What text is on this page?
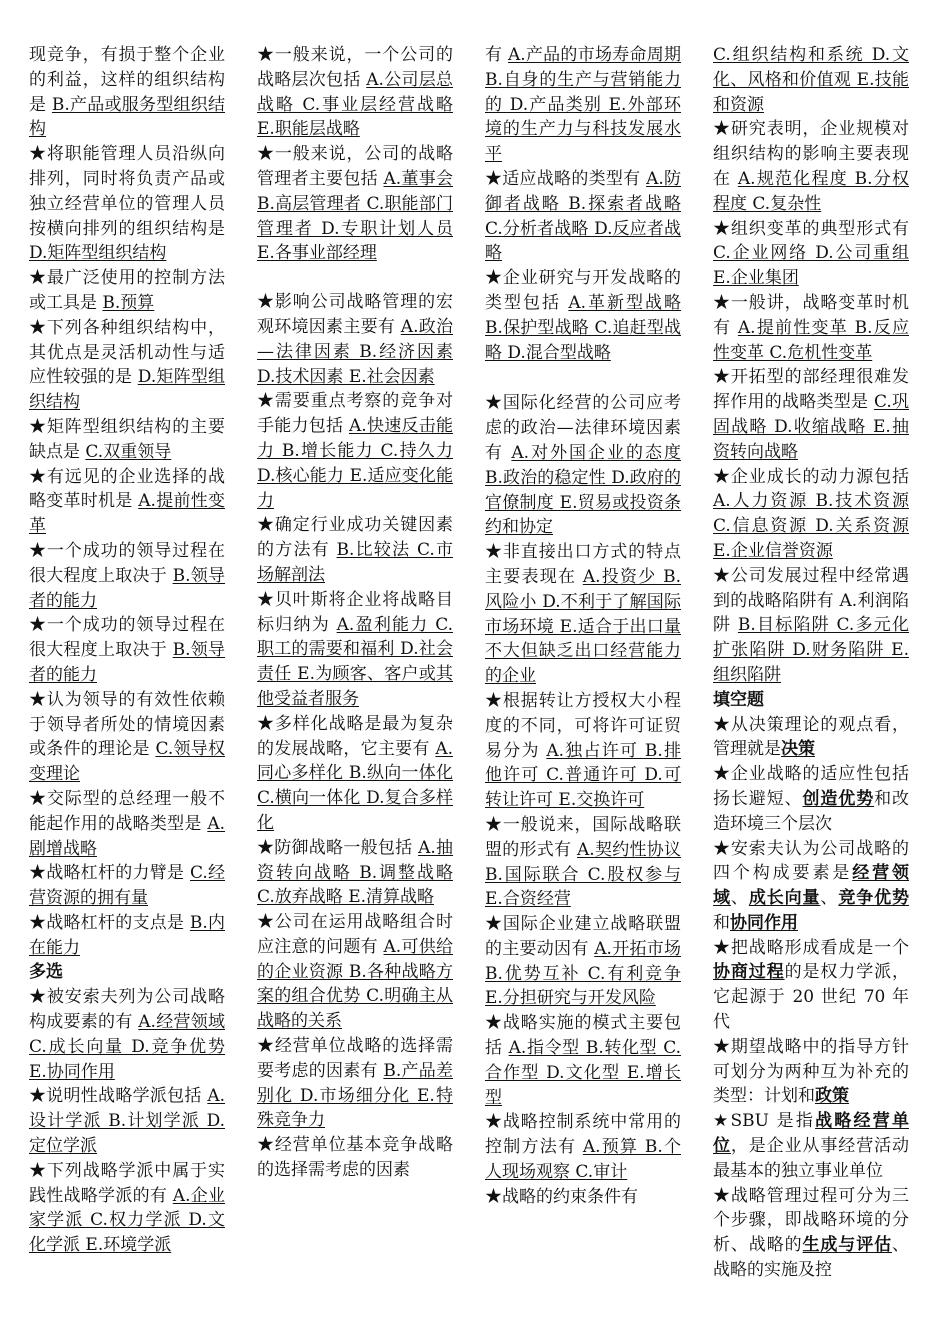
现竞争，有损于整个企业的利益，这样的组织结构是 B.产品或服务型组织结构

★将职能管理人员沿纵向排列，同时将负责产品或独立经营单位的管理人员按横向排列的组织结构是 D.矩阵型组织结构

★最广泛使用的控制方法或工具是 B.预算

★下列各种组织结构中，其优点是灵活机动性与适应性较强的是 D.矩阵型组织结构

★矩阵型组织结构的主要缺点是 C.双重领导

★有远见的企业选择的战略变革时机是 A.提前性变革

★一个成功的领导过程在很大程度上取决于 B.领导者的能力

★一个成功的领导过程在很大程度上取决于 B.领导者的能力

★认为领导的有效性依赖于领导者所处的情境因素或条件的理论是 C.领导权变理论

★交际型的总经理一般不能起作用的战略类型是 A.剧增战略

★战略杠杆的力臂是 C.经营资源的拥有量

★战略杠杆的支点是 B.内在能力

多选

★被安索夫列为公司战略构成要素的有 A.经营领域 C.成长向量 D.竞争优势 E.协同作用

★说明性战略学派包括 A.设计学派 B.计划学派 D.定位学派

★下列战略学派中属于实践性战略学派的有 A.企业家学派 C.权力学派 D.文化学派 E.环境学派

★一般来说，一个公司的战略层次包括 A.公司层总战略 C.事业层经营战略 E.职能层战略

★一般来说，公司的战略管理者主要包括 A.董事会 B.高层管理者 C.职能部门管理者 D.专职计划人员 E.各事业部经理

★影响公司战略管理的宏观环境因素主要有 A.政治—法律因素 B.经济因素 D.技术因素 E.社会因素

★需要重点考察的竞争对手能力包括 A.快速反击能力 B.增长能力 C.持久力 D.核心能力 E.适应变化能力

★确定行业成功关键因素的方法有 B.比较法 C.市场解剖法

★贝叶斯将企业将战略目标归纳为 A.盈利能力 C.职工的需要和福利 D.社会责任 E.为顾客、客户或其他受益者服务

★多样化战略是最为复杂的发展战略，它主要有 A.同心多样化 B.纵向一体化 C.横向一体化 D.复合多样化

★防御战略一般包括 A.抽资转向战略 B.调整战略 C.放弃战略 E.清算战略

★公司在运用战略组合时应注意的问题有 A.可供给的企业资源 B.各种战略方案的组合优势 C.明确主从战略的关系

★经营单位战略的选择需要考虑的因素有 B.产品差别化 D.市场细分化 E.特殊竞争力

★经营单位基本竞争战略的选择需考虑的因素

有 A.产品的市场寿命周期 B.自身的生产与营销能力的 D.产品类别 E.外部环境的生产力与科技发展水平

★适应战略的类型有 A.防御者战略 B.探索者战略 C.分析者战略 D.反应者战略

★企业研究与开发战略的类型包括 A.革新型战略 B.保护型战略 C.追赶型战略 D.混合型战略

★国际化经营的公司应考虑的政治—法律环境因素有 A.对外国企业的态度 B.政治的稳定性 D.政府的官僚制度 E.贸易或投资条约和协定

★非直接出口方式的特点主要表现在 A.投资少 B.风险小 D.不利于了解国际市场环境 E.适合于出口量不大但缺乏出口经营能力的企业

★根据转让方授权大小程度的不同，可将许可证贸易分为 A.独占许可 B.排他许可 C.普通许可 D.可转让许可 E.交换许可

★一般说来，国际战略联盟的形式有 A.契约性协议 B.国际联合 C.股权参与 E.合资经营

★国际企业建立战略联盟的主要动因有 A.开拓市场 B.优势互补 C.有利竞争 E.分担研究与开发风险

★战略实施的模式主要包括 A.指令型 B.转化型 C.合作型 D.文化型 E.增长型

★战略控制系统中常用的控制方法有 A.预算 B.个人现场观察 C.审计

★战略的约束条件有

C.组织结构和系统 D.文化、风格和价值观 E.技能和资源

★研究表明，企业规模对组织结构的影响主要表现在 A.规范化程度 B.分权程度 C.复杂性

★组织变革的典型形式有 C.企业网络 D.公司重组 E.企业集团

★一般讲，战略变革时机有 A.提前性变革 B.反应性变革 C.危机性变革

★开拓型的部经理很难发挥作用的战略类型是 C.巩固战略 D.收缩战略 E.抽资转向战略

★企业成长的动力源包括 A.人力资源 B.技术资源 C.信息资源 D.关系资源 E.企业信誉资源

★公司发展过程中经常遇到的战略陷阱有 A.利润陷阱 B.目标陷阱 C.多元化扩张陷阱 D.财务陷阱 E.组织陷阱

填空题

★从决策理论的观点看，管理就是决策

★企业战略的适应性包括扬长避短、创造优势和改造环境三个层次

★安索夫认为公司战略的四个构成要素是经营领域、成长向量、竞争优势和协同作用

★把战略形成看成是一个协商过程的是权力学派，它起源于 20 世纪 70 年代

★期望战略中的指导方针可划分为两种互为补充的类型：计划和政策

★SBU 是指战略经营单位，是企业从事经营活动最基本的独立事业单位

★战略管理过程可分为三个步骤，即战略环境的分析、战略的生成与评估、战略的实施及控
